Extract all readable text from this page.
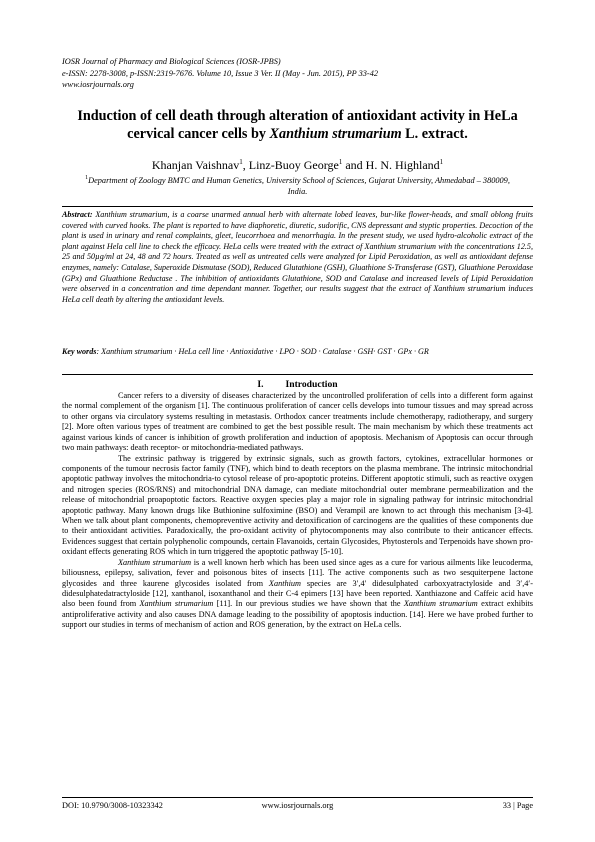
IOSR Journal of Pharmacy and Biological Sciences (IOSR-JPBS)
e-ISSN: 2278-3008, p-ISSN:2319-7676. Volume 10, Issue 3 Ver. II (May - Jun. 2015), PP 33-42
www.iosrjournals.org
Induction of cell death through alteration of antioxidant activity in HeLa cervical cancer cells by Xanthium strumarium L. extract.
Khanjan Vaishnav$^1$, Linz-Buoy George$^1$ and H. N. Highland$^1$
$^1$Department of Zoology BMTC and Human Genetics, University School of Sciences, Gujarat University, Ahmedabad – 380009, India.
Abstract: Xanthium strumarium, is a coarse unarmed annual herb with alternate lobed leaves, bur-like flower-heads, and small oblong fruits covered with curved hooks. The plant is reported to have diaphoretic, diuretic, sudorific, CNS depressant and styptic properties. Decoction of the plant is used in urinary and renal complaints, gleet, leucorrhoea and menorrhagia. In the present study, we used hydro-alcoholic extract of the plant against Hela cell line to check the efficacy. HeLa cells were treated with the extract of Xanthium strumarium with the concentrations 12.5, 25 and 50µg/ml at 24, 48 and 72 hours. Treated as well as untreated cells were analyzed for Lipid Peroxidation, as well as antioxidant defense enzymes, namely: Catalase, Superoxide Dismutase (SOD), Reduced Glutathione (GSH), Gluathione S-Transferase (GST), Gluathione Peroxidase (GPx) and Gluathione Reductase . The inhibition of antioxidants Glutathione, SOD and Catalase and increased levels of Lipid Peroxidation were observed in a concentration and time dependant manner. Together, our results suggest that the extract of Xanthium strumarium induces HeLa cell death by altering the antioxidant levels.
Key words: Xanthium strumarium · HeLa cell line · Antioxidative · LPO · SOD · Catalase · GSH· GST · GPx · GR
I. Introduction

Cancer refers to a diversity of diseases characterized by the uncontrolled proliferation of cells into a different form against the normal complement of the organism [1]. The continuous proliferation of cancer cells develops into tumour tissues and may spread across to other organs via circulatory systems resulting in metastasis. Orthodox cancer treatments include chemotherapy, radiotherapy, and surgery [2]. More often various types of treatment are combined to get the best possible result. The main mechanism by which these treatments act against various kinds of cancer is inhibition of growth proliferation and induction of apoptosis. Mechanism of Apoptosis can occur through two main pathways: death receptor- or mitochondria-mediated pathways.

The extrinsic pathway is triggered by extrinsic signals, such as growth factors, cytokines, extracellular hormones or components of the tumour necrosis factor family (TNF), which bind to death receptors on the plasma membrane. The intrinsic mitochondrial apoptotic pathway involves the mitochondria-to cytosol release of pro-apoptotic proteins. Different apoptotic stimuli, such as reactive oxygen and nitrogen species (ROS/RNS) and mitochondrial DNA damage, can mediate mitochondrial outer membrane permeabilization and the release of mitochondrial proapoptotic factors. Reactive oxygen species play a major role in signaling pathway for intrinsic mitochondrial apoptotic pathway. Many known drugs like Buthionine sulfoximine (BSO) and Verampil are known to act through this mechanism [3-4]. When we talk about plant components, chemopreventive activity and detoxification of carcinogens are the qualities of these components due to their antioxidant activities. Paradoxically, the pro-oxidant activity of phytocomponents may also contribute to their anticancer effects. Evidences suggest that certain polyphenolic compounds, certain Flavanoids, certain Glycosides, Phytosterols and Terpenoids have shown pro-oxidant effects generating ROS which in turn triggered the apoptotic pathway [5-10].

Xanthium strumarium is a well known herb which has been used since ages as a cure for various ailments like leucoderma, biliousness, epilepsy, salivation, fever and poisonous bites of insects [11]. The active components such as two sesquiterpene lactone glycosides and three kaurene glycosides isolated from Xanthium species are 3′,4′ didesulphated carboxyatractyloside and 3′,4′-didesulphatedatractyloside [12], xanthanol, isoxanthanol and their C-4 epimers [13] have been reported. Xanthiazone and Caffeic acid have also been found from Xanthium strumarium [11]. In our previous studies we have shown that the Xanthium strumarium extract exhibits antiproliferative activity and also causes DNA damage leading to the possibility of apoptosis induction. [14]. Here we have probed further to support our studies in terms of mechanism of action and ROS generation, by the extract on HeLa cells.

DOI: 10.9790/3008-10323342	www.iosrjournals.org	33 | Page
